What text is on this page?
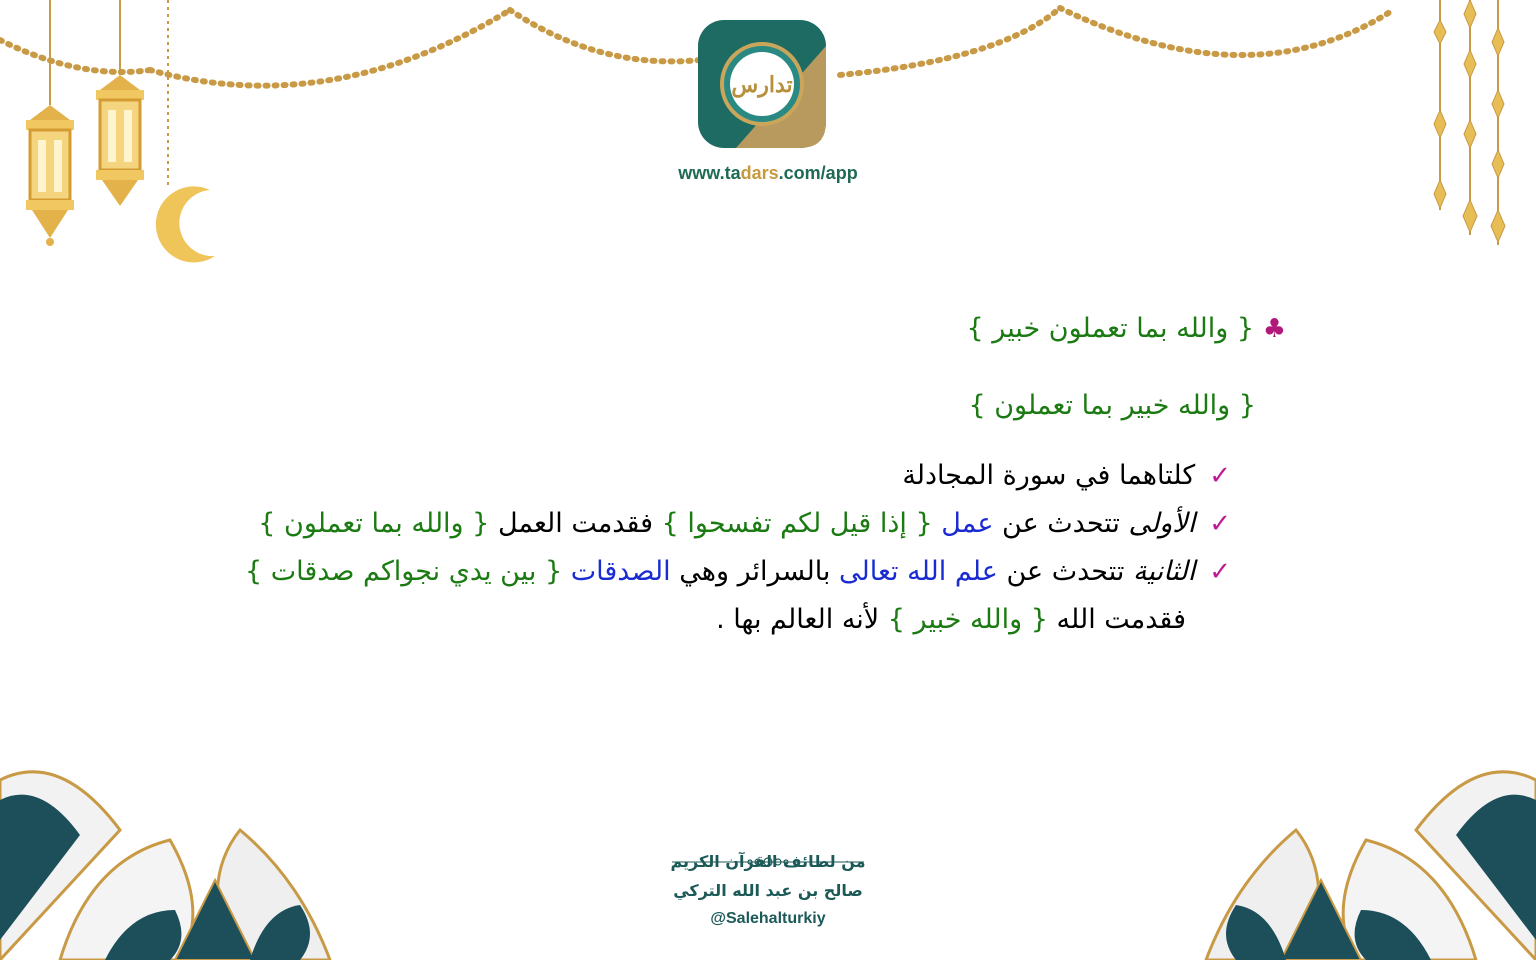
تدارس
www.tadars.com/app
♣ { والله بما تعملون خبير }
{ والله خبير بما تعملون }
✓كلتاهما في سورة المجادلة
✓الأولى تتحدث عن عمل { إذا قيل لكم تفسحوا } فقدمت العمل { والله بما تعملون }
✓الثانية تتحدث عن علم الله تعالى بالسرائر وهي الصدقات { بين يدي نجواكم صدقات }
فقدمت الله { والله خبير } لأنه العالم بها .
من لطائف القرآن الكريم
صالح بن عبد الله التركي
@Salehalturkiy
